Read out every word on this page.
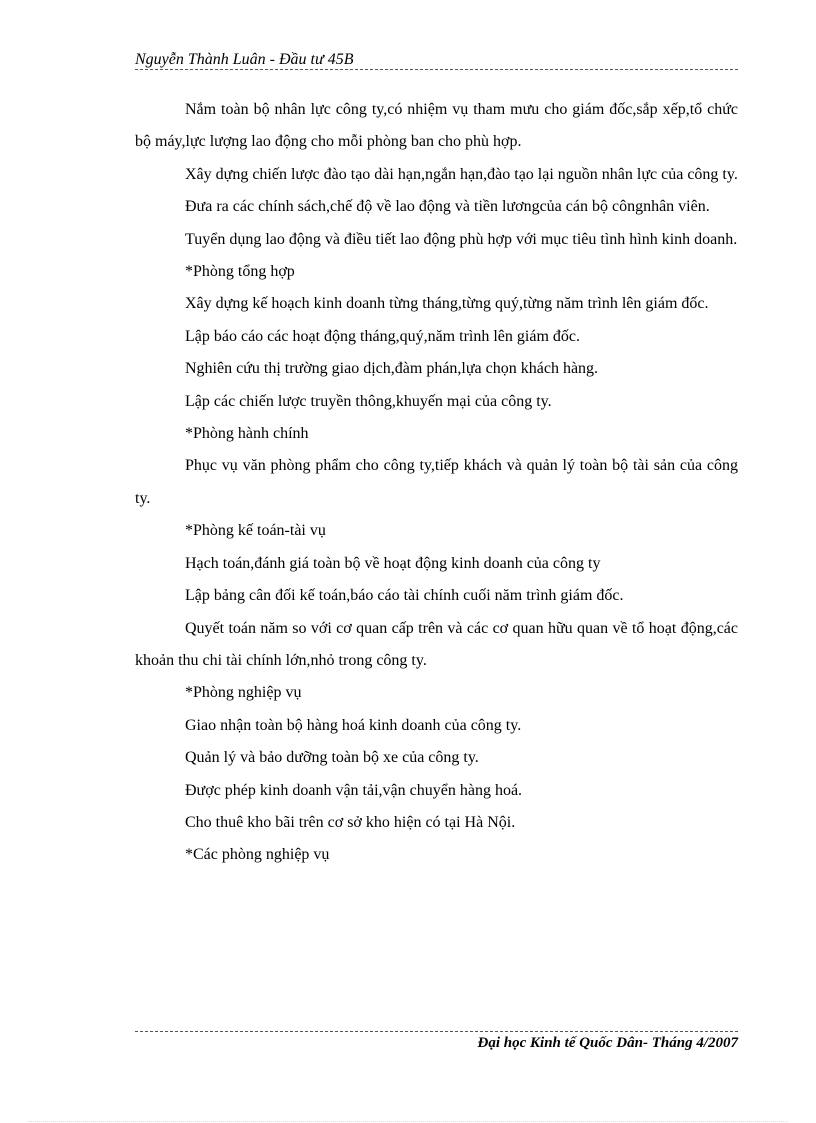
Nguyễn Thành Luân - Đầu tư 45B

Nắm toàn bộ nhân lực công ty,có nhiệm vụ tham mưu cho giám đốc,sắp xếp,tổ chức bộ máy,lực lượng lao động cho mỗi phòng ban cho phù hợp.

Xây dựng chiến lược đào tạo dài hạn,ngắn hạn,đào tạo lại nguồn nhân lực của công ty.

Đưa ra các chính sách,chế độ về lao động và tiền lươngcủa cán bộ côngnhân viên.

Tuyển dụng lao động và điều tiết lao động phù hợp với mục tiêu tình hình kinh doanh.

*Phòng tổng hợp

Xây dựng kế hoạch kinh doanh từng tháng,từng quý,từng năm trình lên giám đốc.

Lập báo cáo các hoạt động tháng,quý,năm trình lên giám đốc.

Nghiên cứu thị trường giao dịch,đàm phán,lựa chọn khách hàng.

Lập các chiến lược truyền thông,khuyến mại của công ty.

*Phòng hành chính

Phục vụ văn phòng phẩm cho công ty,tiếp khách và quản lý toàn bộ tài sản của công ty.

*Phòng kế toán-tài vụ

Hạch toán,đánh giá toàn bộ về hoạt động kinh doanh của công ty

Lập bảng cân đối kế toán,báo cáo tài chính cuối năm trình giám đốc.

Quyết toán năm so với cơ quan cấp trên và các cơ quan hữu quan về tổ hoạt động,các khoản thu chi tài chính lớn,nhỏ trong công ty.

*Phòng nghiệp vụ

Giao nhận toàn bộ hàng hoá kinh doanh của công ty.

Quản lý và bảo dưỡng toàn bộ xe của công ty.

Được phép kinh doanh vận tải,vận chuyển hàng hoá.

Cho thuê kho bãi trên cơ sở kho hiện có tại Hà Nội.

*Các phòng nghiệp vụ

Đại học Kinh tế Quốc Dân- Tháng 4/2007
